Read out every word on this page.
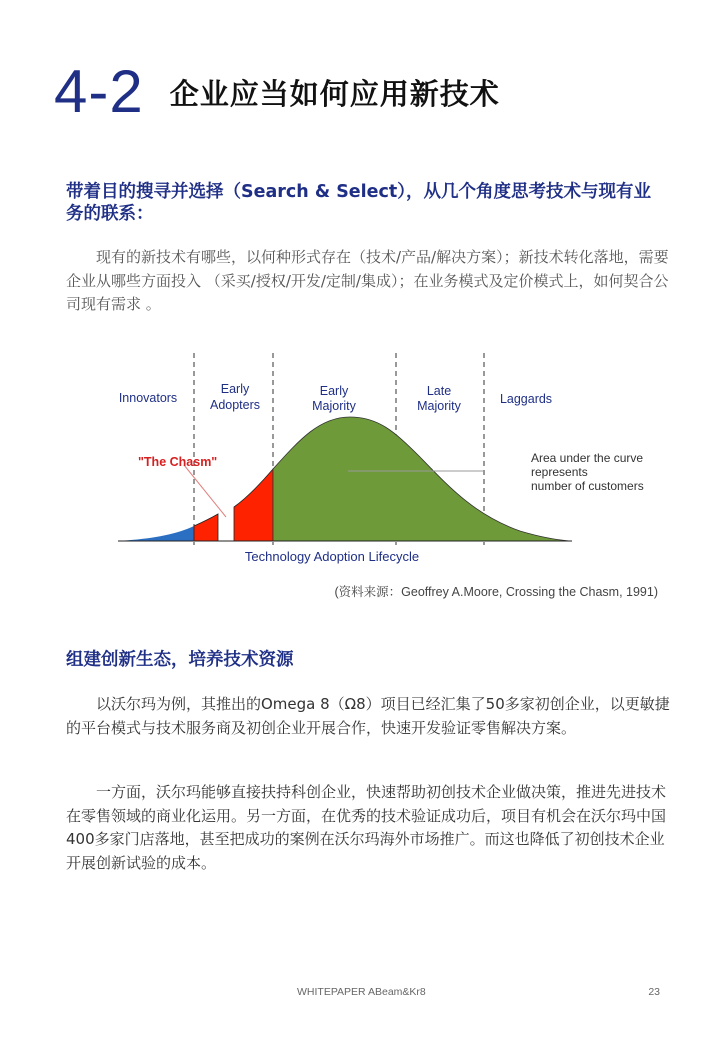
4-2 企业应当如何应用新技术
带着目的搜寻并选择（Search & Select），从几个角度思考技术与现有业务的联系：
现有的新技术有哪些，以何种形式存在（技术/产品/解决方案）；新技术转化落地，需要企业从哪些方面投入 （采买/授权/开发/定制/集成）；在业务模式及定价模式上，如何契合公司现有需求 。
Innovators
Early
Adopters
Early
Majority
Late
Majority	Laggards
"The Chasm"	Area under the curve
represents
number of customers
Technology Adoption Lifecycle
(资料来源：Geoffrey A.Moore, Crossing the Chasm, 1991)
组建创新生态，培养技术资源
以沃尔玛为例，其推出的Omega 8（Ω8）项目已经汇集了50多家初创企业，以更敏捷的平台模式与技术服务商及初创企业开展合作，快速开发验证零售解决方案。
一方面，沃尔玛能够直接扶持科创企业，快速帮助初创技术企业做决策，推进先进技术在零售领域的商业化运用。另一方面，在优秀的技术验证成功后，项目有机会在沃尔玛中国400多家门店落地，甚至把成功的案例在沃尔玛海外市场推广。而这也降低了初创技术企业开展创新试验的成本。
WHITEPAPER ABeam&Kr8	23
